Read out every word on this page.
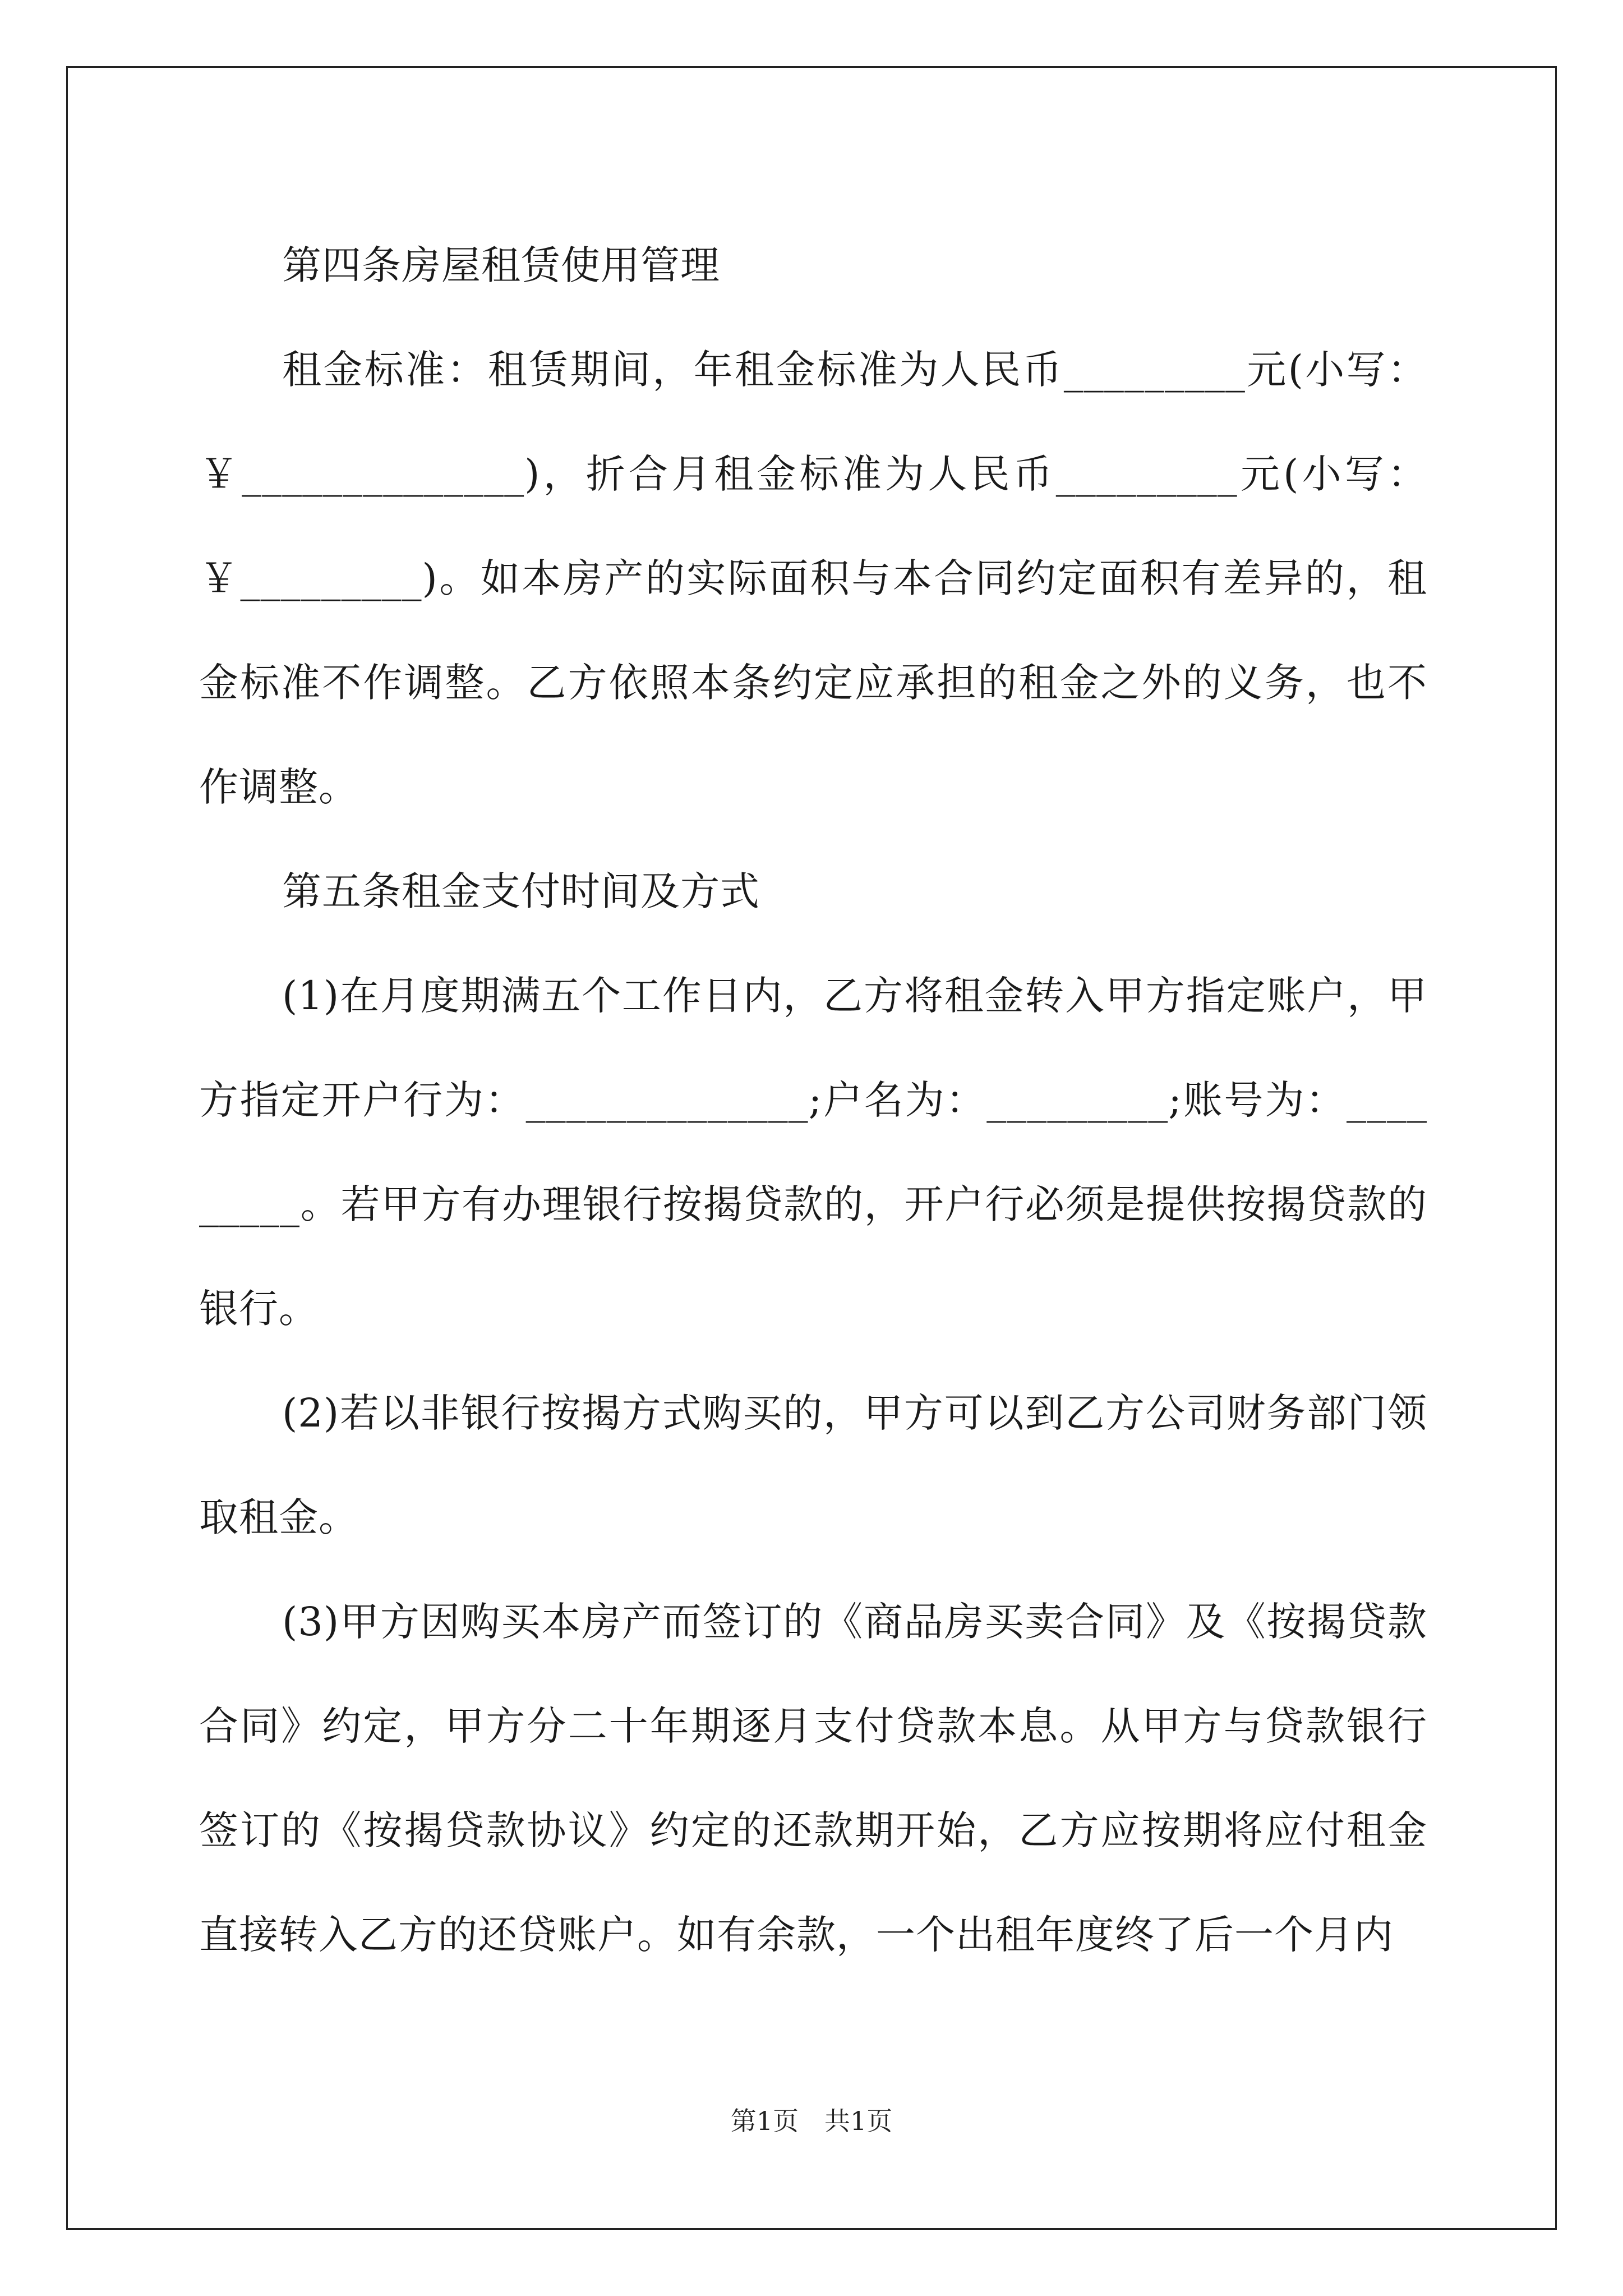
第四条房屋租赁使用管理

租金标准：租赁期间，年租金标准为人民币_________元(小写：￥______________)，折合月租金标准为人民币_________元(小写：￥_________)。如本房产的实际面积与本合同约定面积有差异的，租金标准不作调整。乙方依照本条约定应承担的租金之外的义务，也不作调整。

第五条租金支付时间及方式

(1)在月度期满五个工作日内，乙方将租金转入甲方指定账户，甲方指定开户行为：______________;户名为：_________;账号为：_________。若甲方有办理银行按揭贷款的，开户行必须是提供按揭贷款的银行。

(2)若以非银行按揭方式购买的，甲方可以到乙方公司财务部门领取租金。

(3)甲方因购买本房产而签订的《商品房买卖合同》及《按揭贷款合同》约定，甲方分二十年期逐月支付贷款本息。从甲方与贷款银行签订的《按揭贷款协议》约定的还款期开始，乙方应按期将应付租金直接转入乙方的还贷账户。如有余款，一个出租年度终了后一个月内

第1页　共1页
